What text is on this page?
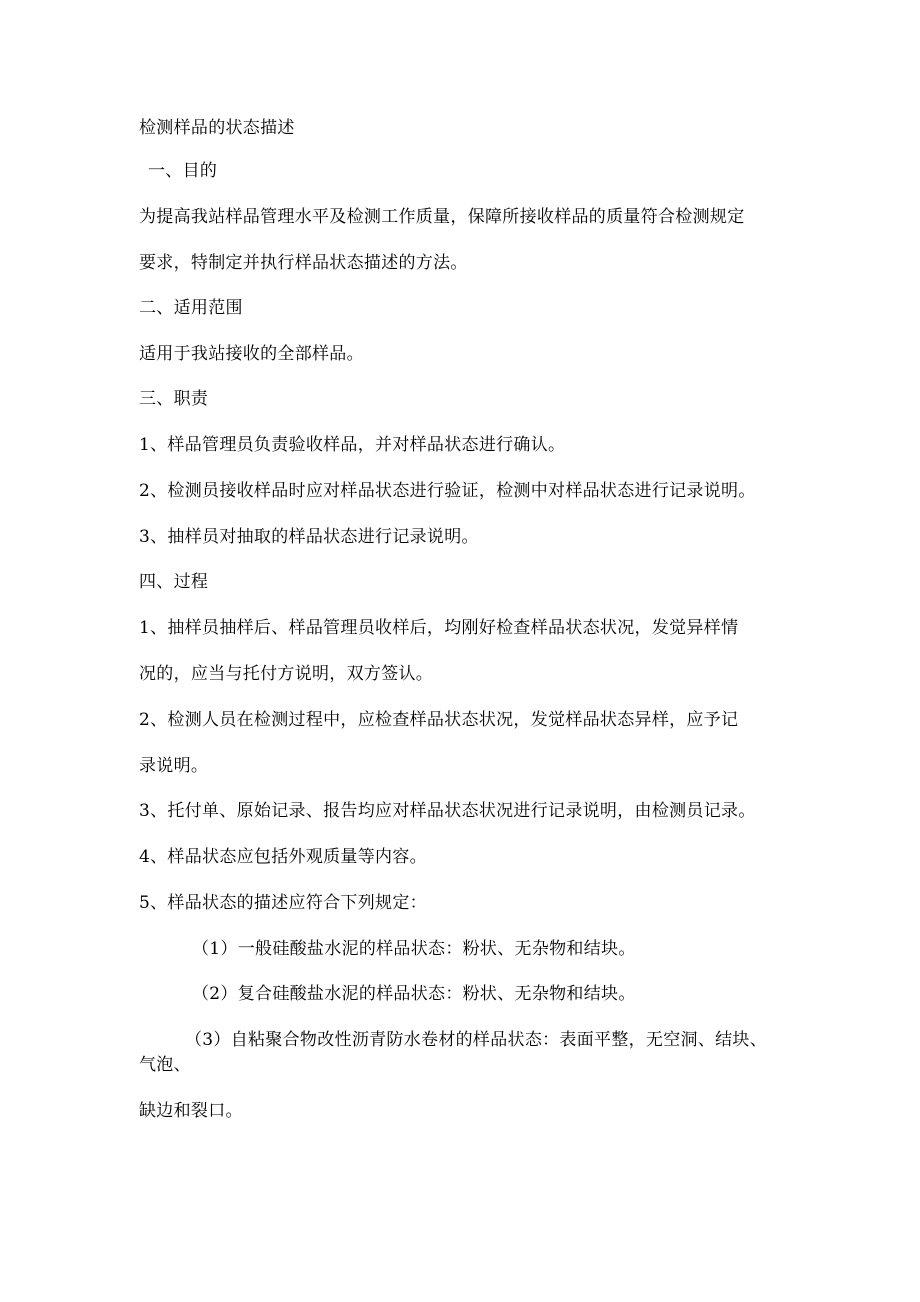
检测样品的状态描述
一、目的
为提高我站样品管理水平及检测工作质量，保障所接收样品的质量符合检测规定
要求，特制定并执行样品状态描述的方法。
二、适用范围
适用于我站接收的全部样品。
三、职责
1、样品管理员负责验收样品，并对样品状态进行确认。
2、检测员接收样品时应对样品状态进行验证，检测中对样品状态进行记录说明。
3、抽样员对抽取的样品状态进行记录说明。
四、过程
1、抽样员抽样后、样品管理员收样后，均刚好检查样品状态状况，发觉异样情
况的，应当与托付方说明，双方签认。
2、检测人员在检测过程中，应检查样品状态状况，发觉样品状态异样，应予记
录说明。
3、托付单、原始记录、报告均应对样品状态状况进行记录说明，由检测员记录。
4、样品状态应包括外观质量等内容。
5、样品状态的描述应符合下列规定：
（1）一般硅酸盐水泥的样品状态：粉状、无杂物和结块。
（2）复合硅酸盐水泥的样品状态：粉状、无杂物和结块。
（3）自粘聚合物改性沥青防水卷材的样品状态：表面平整，无空洞、结块、
气泡、
缺边和裂口。
